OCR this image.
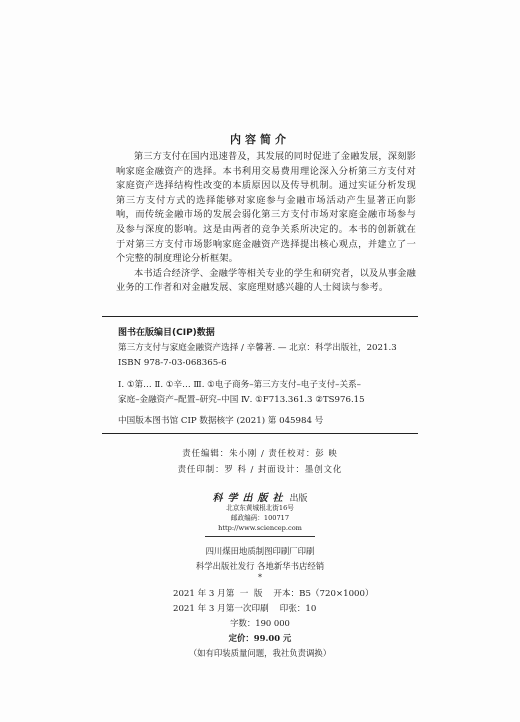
内容简介

第三方支付在国内迅速普及，其发展的同时促进了金融发展，深刻影响家庭金融资产的选择。本书利用交易费用理论深入分析第三方支付对家庭资产选择结构性改变的本质原因以及传导机制。通过实证分析发现第三方支付方式的选择能够对家庭参与金融市场活动产生显著正向影响，而传统金融市场的发展会弱化第三方支付市场对家庭金融市场参与及参与深度的影响。这是由两者的竞争关系所决定的。本书的创新就在于对第三方支付市场影响家庭金融资产选择提出核心观点，并建立了一个完整的制度理论分析框架。

本书适合经济学、金融学等相关专业的学生和研究者，以及从事金融业务的工作者和对金融发展、家庭理财感兴趣的人士阅读与参考。

图书在版编目(CIP)数据
第三方支付与家庭金融资产选择 / 辛馨著. — 北京：科学出版社，2021.3
ISBN 978-7-03-068365-6
Ⅰ. ①第… Ⅱ. ①辛… Ⅲ. ①电子商务–第三方支付–电子支付–关系–
家庭–金融资产–配置–研究–中国 Ⅳ. ①F713.361.3 ②TS976.15
中国版本图书馆 CIP 数据核字 (2021) 第 045984 号
责任编辑：朱小刚 / 责任校对：彭 映
责任印制：罗 科 / 封面设计：墨创文化
科学出版社 出版
北京东黄城根北街16号
邮政编码：100717
http://www.sciencep.com
四川煤田地质制图印刷厂印刷
科学出版社发行 各地新华书店经销
*
2021 年 3 月第  一  版    开本：B5（720×1000）
2021 年 3 月第一次印刷    印张：10
字数：190 000
定价：99.00 元
（如有印装质量问题，我社负责调换）
